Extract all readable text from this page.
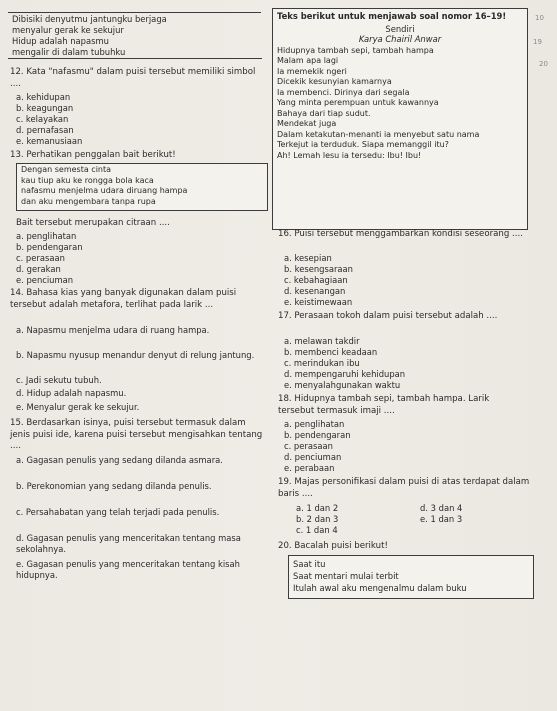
Dibisiki denyutmu jantungku berjaga
menyalur gerak ke sekujur
Hidup adalah napasmu
mengalir di dalam tubuhku
12. Kata "nafasmu" dalam puisi tersebut memiliki simbol ....
a. kehidupan
b. keagungan
c. kelayakan
d. pernafasan
e. kemanusiaan
13. Perhatikan penggalan bait berikut!
Dengan semesta cinta
kau tiup aku ke rongga bola kaca
nafasmu menjelma udara diruang hampa
dan aku mengembara tanpa rupa
Bait tersebut merupakan citraan ....
a. penglihatan
b. pendengaran
c. perasaan
d. gerakan
e. penciuman
14. Bahasa kias yang banyak digunakan dalam puisi tersebut adalah metafora, terlihat pada larik ...
a. Napasmu menjelma udara di ruang hampa.
b. Napasmu nyusup menandur denyut di relung jantung.
c. Jadi sekutu tubuh.
d. Hidup adalah napasmu.
e. Menyalur gerak ke sekujur.
15. Berdasarkan isinya, puisi tersebut termasuk dalam jenis puisi ide, karena puisi tersebut mengisahkan tentang ....
a. Gagasan penulis yang sedang dilanda asmara.
b. Perekonomian yang sedang dilanda penulis.
c. Persahabatan yang telah terjadi pada penulis.
d. Gagasan penulis yang menceritakan tentang masa sekolahnya.
e. Gagasan penulis yang menceritakan tentang kisah hidupnya.
Teks berikut untuk menjawab soal nomor 16–19!
Sendiri
Karya Chairil Anwar
Hidupnya tambah sepi, tambah hampa
Malam apa lagi
Ia memekik ngeri
Dicekik kesunyian kamarnya
Ia membenci. Dirinya dari segala
Yang minta perempuan untuk kawannya
Bahaya dari tiap sudut.
Mendekat juga
Dalam ketakutan-menanti ia menyebut satu nama
Terkejut ia terduduk. Siapa memanggil itu?
Ah! Lemah lesu ia tersedu: Ibu! Ibu!
16. Puisi tersebut menggambarkan kondisi seseorang ....
a. kesepian
b. kesengsaraan
c. kebahagiaan
d. kesenangan
e. keistimewaan
17. Perasaan tokoh dalam puisi tersebut adalah ....
a. melawan takdir
b. membenci keadaan
c. merindukan ibu
d. mempengaruhi kehidupan
e. menyalahgunakan waktu
18. Hidupnya tambah sepi, tambah hampa. Larik tersebut termasuk imaji ....
a. penglihatan
b. pendengaran
c. perasaan
d. penciuman
e. perabaan
19. Majas personifikasi dalam puisi di atas terdapat dalam baris ....
a. 1 dan 2	d. 3 dan 4
b. 2 dan 3	e. 1 dan 3
c. 1 dan 4
20. Bacalah puisi berikut!
Saat itu
Saat mentari mulai terbit
Itulah awal aku mengenalmu dalam buku
10
19
20
